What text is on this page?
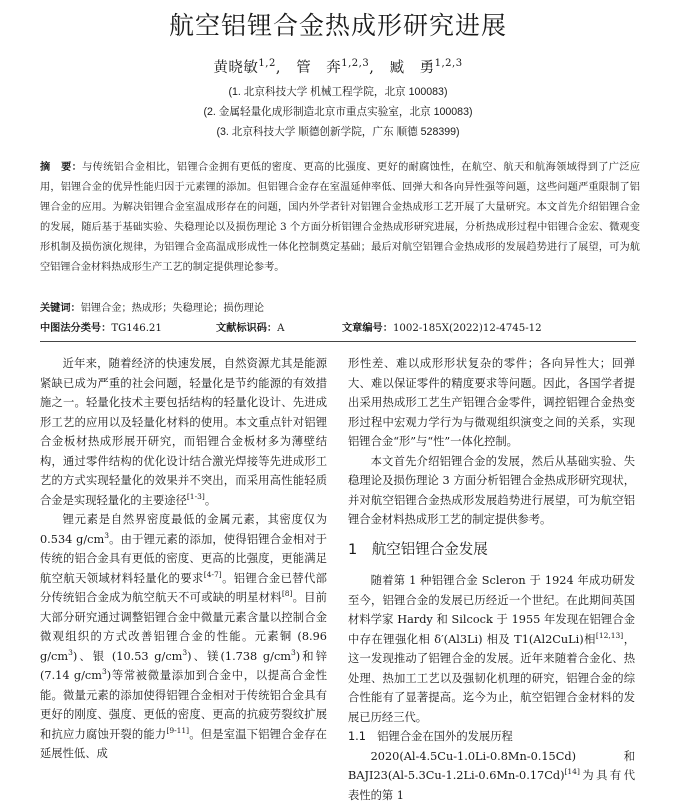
航空铝锂合金热成形研究进展
黄晓敏$^{1,2}$, 管　奔$^{1,2,3}$, 臧　勇$^{1,2,3}$
(1. 北京科技大学 机械工程学院，北京 100083)
(2. 金属轻量化成形制造北京市重点实验室，北京 100083)
(3. 北京科技大学 顺德创新学院，广东 顺德 528399)
摘　要：与传统铝合金相比，铝锂合金拥有更低的密度、更高的比强度、更好的耐腐蚀性，在航空、航天和航海领域得到了广泛应用，铝锂合金的优异性能归因于元素锂的添加。但铝锂合金存在室温延伸率低、回弹大和各向异性强等问题，这些问题严重限制了铝锂合金的应用。为解决铝锂合金室温成形存在的问题，国内外学者针对铝锂合金热成形工艺开展了大量研究。本文首先介绍铝锂合金的发展，随后基于基础实验、失稳理论以及损伤理论 3 个方面分析铝锂合金热成形研究进展，分析热成形过程中铝锂合金宏、微观变形机制及损伤演化规律，为铝锂合金高温成形成性一体化控制奠定基础；最后对航空铝锂合金热成形的发展趋势进行了展望，可为航空铝锂合金材料热成形生产工艺的制定提供理论参考。
关键词：铝锂合金；热成形；失稳理论；损伤理论
中图法分类号：TG146.21	文献标识码：A	文章编号：1002-185X(2022)12-4745-12

近年来，随着经济的快速发展，自然资源尤其是能源紧缺已成为严重的社会问题，轻量化是节约能源的有效措施之一。轻量化技术主要包括结构的轻量化设计、先进成形工艺的应用以及轻量化材料的使用。本文重点针对铝锂合金板材热成形展开研究，而铝锂合金板材多为薄壁结构，通过零件结构的优化设计结合激光焊接等先进成形工艺的方式实现轻量化的效果并不突出，而采用高性能轻质合金是实现轻量化的主要途径[1-3]。

锂元素是自然界密度最低的金属元素，其密度仅为 0.534 $g/cm^3$。由于锂元素的添加，使得铝锂合金相对于传统的铝合金具有更低的密度、更高的比强度，更能满足航空航天领域材料轻量化的要求[4-7]。铝锂合金已替代部分传统铝合金成为航空航天不可或缺的明星材料[8]。目前大部分研究通过调整铝锂合金中微量元素含量以控制合金微观组织的方式改善铝锂合金的性能。元素铜 (8.96 $g/cm^3$)、银 (10.53 $g/cm^3$)、镁(1.738 $g/cm^3$)和锌 (7.14 $g/cm^3$)等常被微量添加到合金中，以提高合金性能。微量元素的添加使得铝锂合金相对于传统铝合金具有更好的刚度、强度、更低的密度、更高的抗疲劳裂纹扩展和抗应力腐蚀开裂的能力[9-11]。但是室温下铝锂合金存在延展性低、成

形性差、难以成形形状复杂的零件；各向异性大；回弹大、难以保证零件的精度要求等问题。因此，各国学者提出采用热成形工艺生产铝锂合金零件，调控铝锂合金热变形过程中宏观力学行为与微观组织演变之间的关系，实现铝锂合金“形”与“性”一体化控制。

本文首先介绍铝锂合金的发展，然后从基础实验、失稳理论及损伤理论 3 方面分析铝锂合金热成形研究现状，并对航空铝锂合金热成形发展趋势进行展望，可为航空铝锂合金材料热成形工艺的制定提供参考。

1　航空铝锂合金发展

随着第 1 种铝锂合金 Scleron 于 1924 年成功研发至今，铝锂合金的发展已历经近一个世纪。在此期间英国材料学家 Hardy 和 Silcock 于 1955 年发现在铝锂合金中存在锂强化相 δ′(Al3Li) 相及 T1(Al2CuLi)相[12,13]，这一发现推动了铝锂合金的发展。近年来随着合金化、热处理、热加工工艺以及强韧化机理的研究，铝锂合金的综合性能有了显著提高。迄今为止，航空铝锂合金材料的发展已历经三代。

1.1　铝锂合金在国外的发展历程

2020(Al-4.5Cu-1.0Li-0.8Mn-0.15Cd) 和　BAJI23(Al-5.3Cu-1.2Li-0.6Mn-0.17Cd)[14]为具有代表性的第 1
